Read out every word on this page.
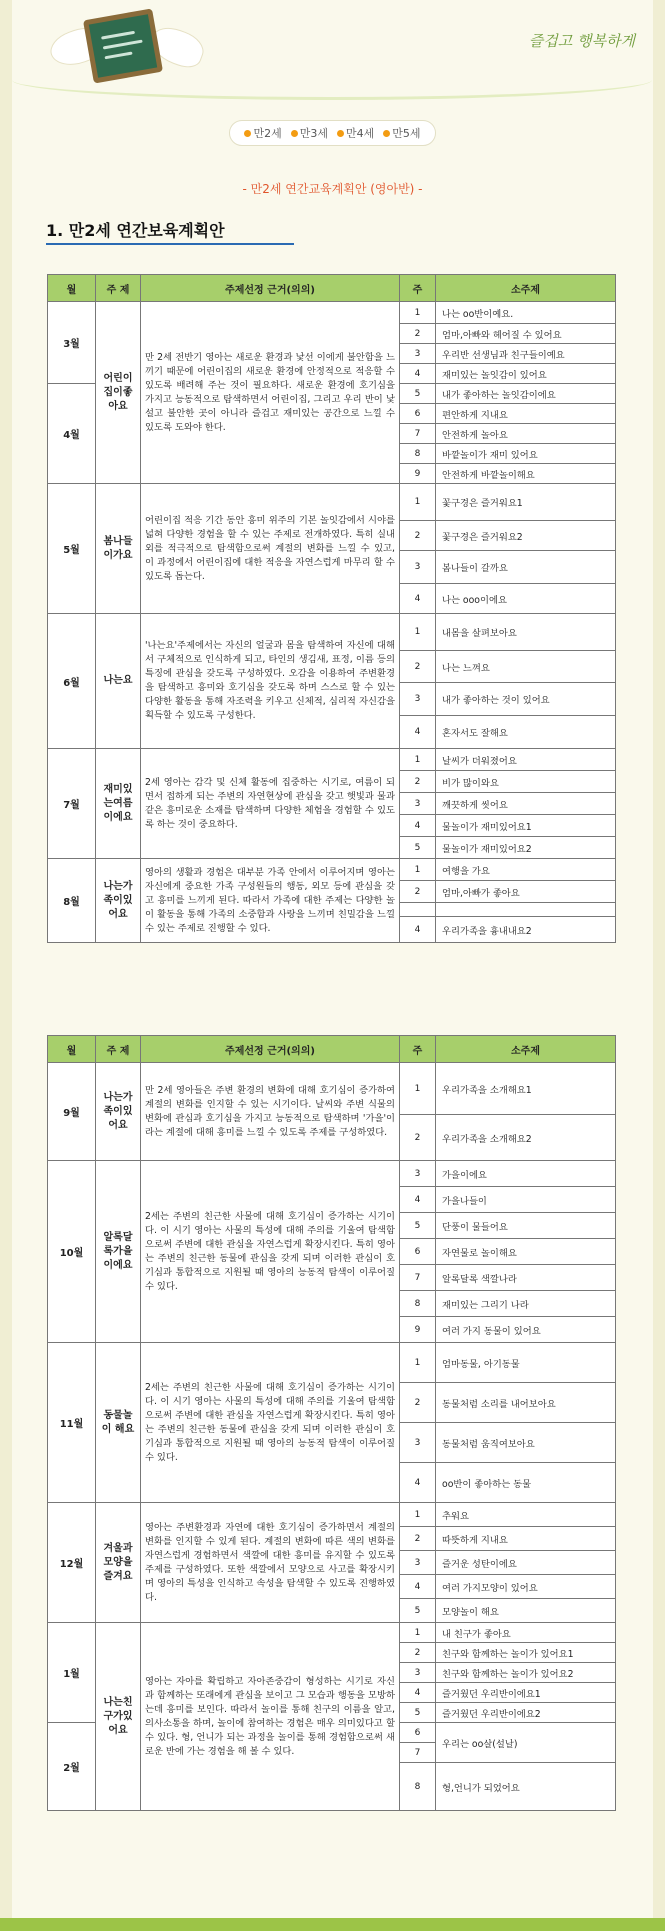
즐겁고 행복하게
만2세 만3세 만4세 만5세
- 만2세 연간교육계획안 (영아반) -
1. 만2세 연간보육계획안
월	주 제	주제선정 근거(의의)	주	소주제
3월	어린이집이좋아요	만 2세 전반기 영아는 새로운 환경과 낯선 이에게 불안함을 느끼기 때문에 어린이집의 새로운 환경에 안정적으로 적응할 수 있도록 배려해 주는 것이 필요하다. 새로운 환경에 호기심을 가지고 능동적으로 탐색하면서 어린이집, 그리고 우리 반이 낯설고 불안한 곳이 아니라 즐겁고 재미있는 공간으로 느낄 수 있도록 도와야 한다.	1	나는 oo반이예요.
			2	엄마,아빠와 헤어질 수 있어요
			3	우리반 선생님과 친구들이예요
			4	재미있는 놀잇감이 있어요
4월			5	내가 좋아하는 놀잇감이에요
			6	편안하게 지내요
			7	안전하게 놀아요
			8	바깥놀이가 재미 있어요
			9	안전하게 바깥놀이해요
5월	봄나들이가요	어린이집 적응 기간 동안 흥미 위주의 기본 놀잇감에서 시야를 넓혀 다양한 경험을 할 수 있는 주제로 전개하였다. 특히 실내외를 적극적으로 탐색함으로써 계절의 변화를 느낄 수 있고, 이 과정에서 어린이집에 대한 적응을 자연스럽게 마무리 할 수 있도록 돕는다.	1	꽃구경은 즐거워요1
			2	꽃구경은 즐거워요2
			3	봄나들이 갈까요
			4	나는 ooo이에요
6월	나는요	'나는요'주제에서는 자신의 얼굴과 몸을 탐색하여 자신에 대해서 구체적으로 인식하게 되고, 타인의 생김새, 표정, 이름 등의 특징에 관심을 갖도록 구성하였다. 오감을 이용하여 주변환경을 탐색하고 흥미와 호기심을 갖도록 하며 스스로 할 수 있는 다양한 활동을 통해 자조력을 키우고 신체적, 심리적 자신감을 획득할 수 있도록 구성한다.	1	내몸을 살펴보아요
			2	나는 느껴요
			3	내가 좋아하는 것이 있어요
			4	혼자서도 잘해요
7월	재미있는여름이에요	2세 영아는 감각 및 신체 활동에 집중하는 시기로, 여름이 되면서 접하게 되는 주변의 자연현상에 관심을 갖고 햇빛과 물과 같은 흥미로운 소재를 탐색하며 다양한 체험을 경험할 수 있도록 하는 것이 중요하다.	1	날씨가 더워졌어요
			2	비가 많이와요
			3	깨끗하게 씻어요
			4	물놀이가 재미있어요1
			5	물놀이가 재미있어요2
8월	나는가족이있어요	영아의 생활과 경험은 대부분 가족 안에서 이루어지며 영아는 자신에게 중요한 가족 구성원들의 행동, 외모 등에 관심을 갖고 흥미를 느끼게 된다. 따라서 가족에 대한 주제는 다양한 놀이 활동을 통해 가족의 소중함과 사랑을 느끼며 친밀감을 느낄 수 있는 주제로 진행할 수 있다.	1	여행을 가요
			2	엄마,아빠가 좋아요

			4	우리가족을 흉내내요2
월	주 제	주제선정 근거(의의)	주	소주제
9월	나는가족이있어요	만 2세 영아들은 주변 환경의 변화에 대해 호기심이 증가하여 계절의 변화를 인지할 수 있는 시기이다. 날씨와 주변 식물의 변화에 관심과 호기심을 가지고 능동적으로 탐색하며 '가을'이라는 계절에 대해 흥미를 느낄 수 있도록 주제를 구성하였다.	1	우리가족을 소개해요1
			2	우리가족을 소개해요2
10월	알록달록가을이에요	2세는 주변의 친근한 사물에 대해 호기심이 증가하는 시기이다. 이 시기 영아는 사물의 특성에 대해 주의를 기울여 탐색함으로써 주변에 대한 관심을 자연스럽게 확장시킨다. 특히 영아는 주변의 친근한 동물에 관심을 갖게 되며 이러한 관심이 호기심과 통합적으로 지원될 때 영아의 능동적 탐색이 이루어질 수 있다.	3	가을이에요
			4	가을나들이
			5	단풍이 물들어요
			6	자연물로 놀이해요
			7	알록달록 색깔나라
			8	재미있는 그리기 나라
			9	여러 가지 동물이 있어요
11월	동물놀이 해요	2세는 주변의 친근한 사물에 대해 호기심이 증가하는 시기이다. 이 시기 영아는 사물의 특성에 대해 주의를 기울여 탐색함으로써 주변에 대한 관심을 자연스럽게 확장시킨다. 특히 영아는 주변의 친근한 동물에 관심을 갖게 되며 이러한 관심이 호기심과 통합적으로 지원될 때 영아의 능동적 탐색이 이루어질 수 있다.	1	엄마동물, 아기동물
			2	동물처럼 소리를 내어보아요
			3	동물처럼 움직여보아요
			4	oo반이 좋아하는 동물
12월	겨울과모양을즐겨요	영아는 주변환경과 자연에 대한 호기심이 증가하면서 계절의 변화를 인지할 수 있게 된다. 계절의 변화에 따른 색의 변화를 자연스럽게 경험하면서 색깔에 대한 흥미를 유지할 수 있도록 주제를 구성하였다. 또한 색깔에서 모양으로 사고를 확장시키며 영아의 특성을 인식하고 속성을 탐색할 수 있도록 진행하였다.	1	추워요
			2	따뜻하게 지내요
			3	즐거운 성탄이에요
			4	여러 가지모양이 있어요
			5	모양놀이 해요
1월	나는친구가있어요	영아는 자아를 확립하고 자아존중감이 형성하는 시기로 자신과 함께하는 또래에게 관심을 보이고 그 모습과 행동을 모방하는데 흥미를 보인다. 따라서 놀이를 통해 친구의 이름을 알고, 의사소통을 하며, 놀이에 참여하는 경험은 매우 의미있다고 할 수 있다. 형, 언니가 되는 과정을 놀이를 통해 경험함으로써 새로운 반에 가는 경험을 해 볼 수 있다.	1	내 친구가 좋아요
			2	친구와 함께하는 놀이가 있어요1
			3	친구와 함께하는 놀이가 있어요2
			4	즐거웠던 우리반이에요1
			5	즐거웠던 우리반이에요2
2월			6	우리는 oo살(설날)
			7	
			8	형,언니가 되었어요
